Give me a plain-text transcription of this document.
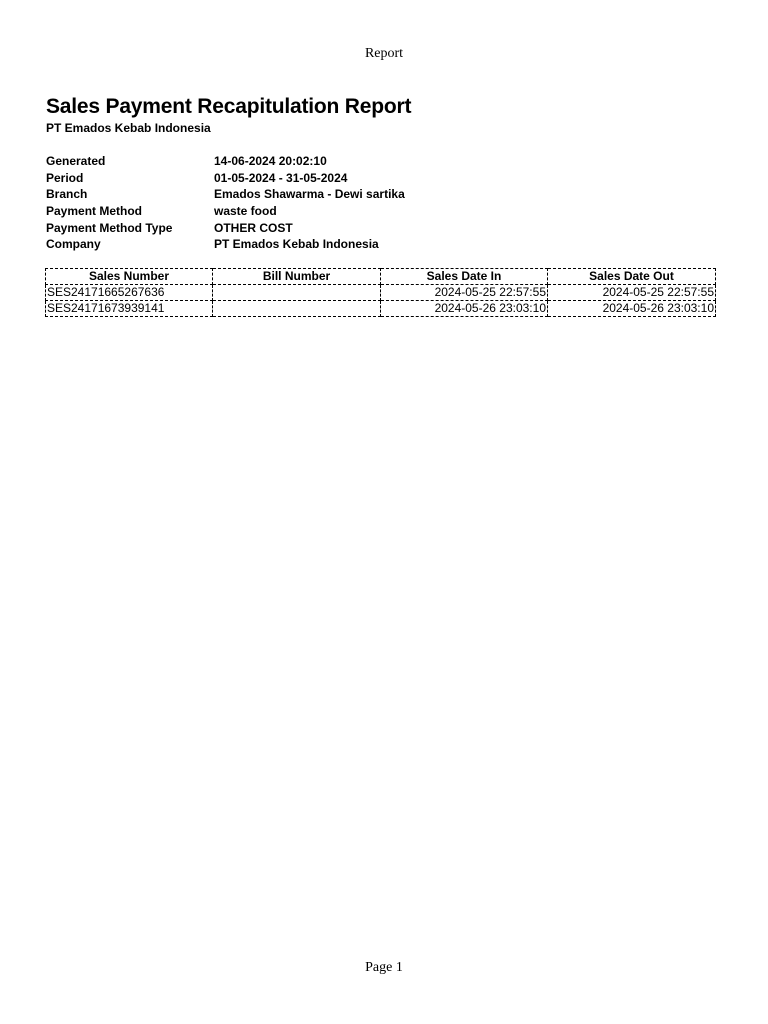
Report
Sales Payment Recapitulation Report
PT Emados Kebab Indonesia
Generated	14-06-2024 20:02:10
Period	01-05-2024 - 31-05-2024
Branch	Emados Shawarma - Dewi sartika
Payment Method	waste food
Payment Method Type	OTHER COST
Company	PT Emados Kebab Indonesia
Sales Number	Bill Number	Sales Date In	Sales Date Out
SES24171665267636		2024-05-25 22:57:55	2024-05-25 22:57:55
SES24171673939141		2024-05-26 23:03:10	2024-05-26 23:03:10
Page 1
